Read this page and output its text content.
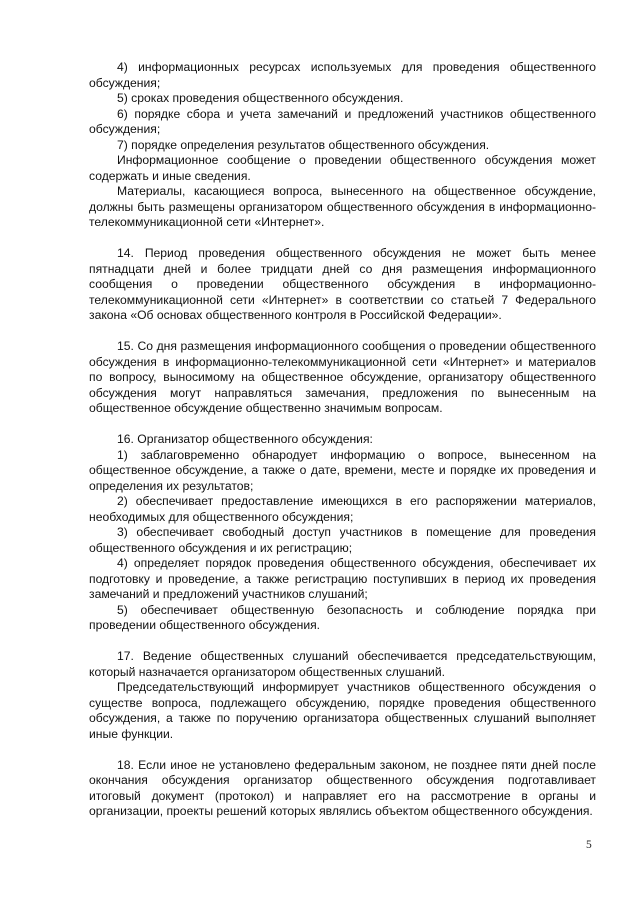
4) информационных ресурсах используемых для проведения общественного обсуждения;

5) сроках проведения общественного обсуждения.

6) порядке сбора и учета замечаний и предложений участников общественного обсуждения;

7) порядке определения результатов общественного обсуждения.

Информационное сообщение о проведении общественного обсуждения может содержать и иные сведения.

Материалы, касающиеся вопроса, вынесенного на общественное обсуждение, должны быть размещены организатором общественного обсуждения в информационно-телекоммуникационной сети «Интернет».

14. Период проведения общественного обсуждения не может быть менее пятнадцати дней и более тридцати дней со дня размещения информационного сообщения о проведении общественного обсуждения в информационно-телекоммуникационной сети «Интернет» в соответствии со статьей 7 Федерального закона «Об основах общественного контроля в Российской Федерации».

15. Со дня размещения информационного сообщения о проведении общественного обсуждения в информационно-телекоммуникационной сети «Интернет» и материалов по вопросу, выносимому на общественное обсуждение, организатору общественного обсуждения могут направляться замечания, предложения по вынесенным на общественное обсуждение общественно значимым вопросам.

16. Организатор общественного обсуждения:

1) заблаговременно обнародует информацию о вопросе, вынесенном на общественное обсуждение, а также о дате, времени, месте и порядке их проведения и определения их результатов;

2) обеспечивает предоставление имеющихся в его распоряжении материалов, необходимых для общественного обсуждения;

3) обеспечивает свободный доступ участников в помещение для проведения общественного обсуждения и их регистрацию;

4) определяет порядок проведения общественного обсуждения, обеспечивает их подготовку и проведение, а также регистрацию поступивших в период их проведения замечаний и предложений участников слушаний;

5) обеспечивает общественную безопасность и соблюдение порядка при проведении общественного обсуждения.

17. Ведение общественных слушаний обеспечивается председательствующим, который назначается организатором общественных слушаний.

Председательствующий информирует участников общественного обсуждения о существе вопроса, подлежащего обсуждению, порядке проведения общественного обсуждения, а также по поручению организатора общественных слушаний выполняет иные функции.

18. Если иное не установлено федеральным законом, не позднее пяти дней после окончания обсуждения организатор общественного обсуждения подготавливает итоговый документ (протокол) и направляет его на рассмотрение в органы и организации, проекты решений которых являлись объектом общественного обсуждения.

5
